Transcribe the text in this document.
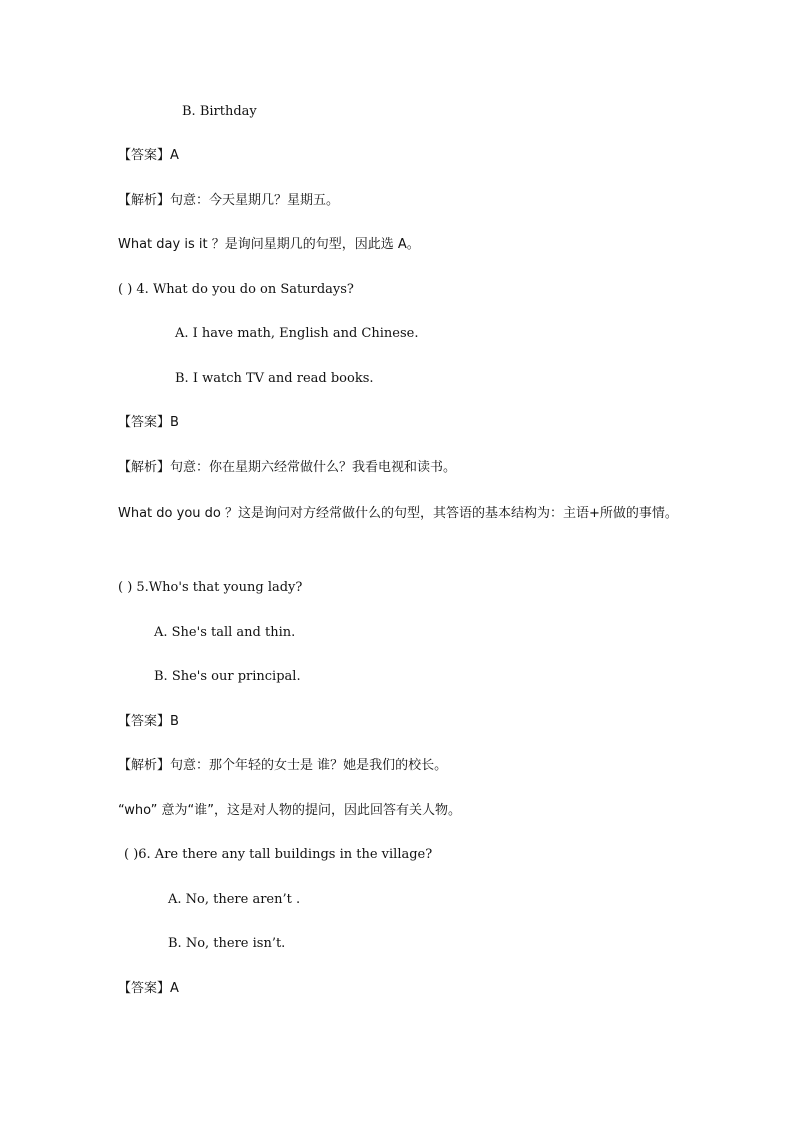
B. Birthday
【答案】A
【解析】句意：今天星期几？星期五。
What day is it ？是询问星期几的句型，因此选 A。
( ) 4. What do you do on Saturdays?
A. I have math, English and Chinese.
B. I watch TV and read books.
【答案】B
【解析】句意：你在星期六经常做什么？我看电视和读书。
What do you do ？这是询问对方经常做什么的句型，其答语的基本结构为：主语+所做的事情。
( ) 5.Who's that young lady?
A. She's tall and thin.
B. She's our principal.
【答案】B
【解析】句意：那个年轻的女士是 谁？她是我们的校长。
“who” 意为“谁”，这是对人物的提问，因此回答有关人物。
( )6. Are there any tall buildings in the village?
A. No, there aren’t .
B. No, there isn’t.
【答案】A
